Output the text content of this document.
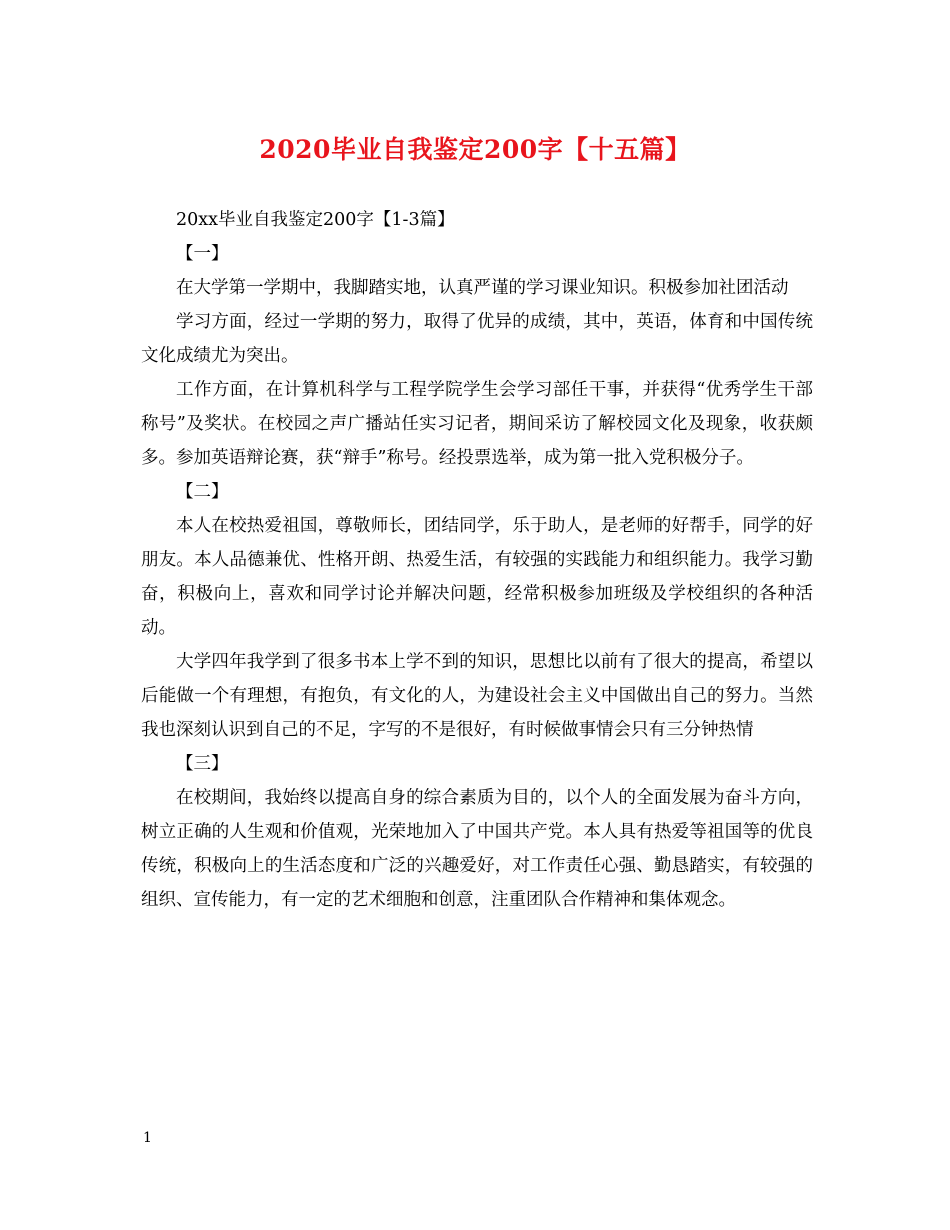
2020毕业自我鉴定200字【十五篇】

20xx毕业自我鉴定200字【1-3篇】

【一】

在大学第一学期中，我脚踏实地，认真严谨的学习课业知识。积极参加社团活动

学习方面，经过一学期的努力，取得了优异的成绩，其中，英语，体育和中国传统文化成绩尤为突出。

工作方面，在计算机科学与工程学院学生会学习部任干事，并获得“优秀学生干部称号”及奖状。在校园之声广播站任实习记者，期间采访了解校园文化及现象，收获颇多。参加英语辩论赛，获“辩手”称号。经投票选举，成为第一批入党积极分子。

【二】

本人在校热爱祖国，尊敬师长，团结同学，乐于助人，是老师的好帮手，同学的好朋友。本人品德兼优、性格开朗、热爱生活，有较强的实践能力和组织能力。我学习勤奋，积极向上，喜欢和同学讨论并解决问题，经常积极参加班级及学校组织的各种活动。

大学四年我学到了很多书本上学不到的知识，思想比以前有了很大的提高，希望以后能做一个有理想，有抱负，有文化的人，为建设社会主义中国做出自己的努力。当然我也深刻认识到自己的不足，字写的不是很好，有时候做事情会只有三分钟热情

【三】

在校期间，我始终以提高自身的综合素质为目的，以个人的全面发展为奋斗方向，树立正确的人生观和价值观，光荣地加入了中国共产党。本人具有热爱等祖国等的优良传统，积极向上的生活态度和广泛的兴趣爱好，对工作责任心强、勤恳踏实，有较强的组织、宣传能力，有一定的艺术细胞和创意，注重团队合作精神和集体观念。

1
